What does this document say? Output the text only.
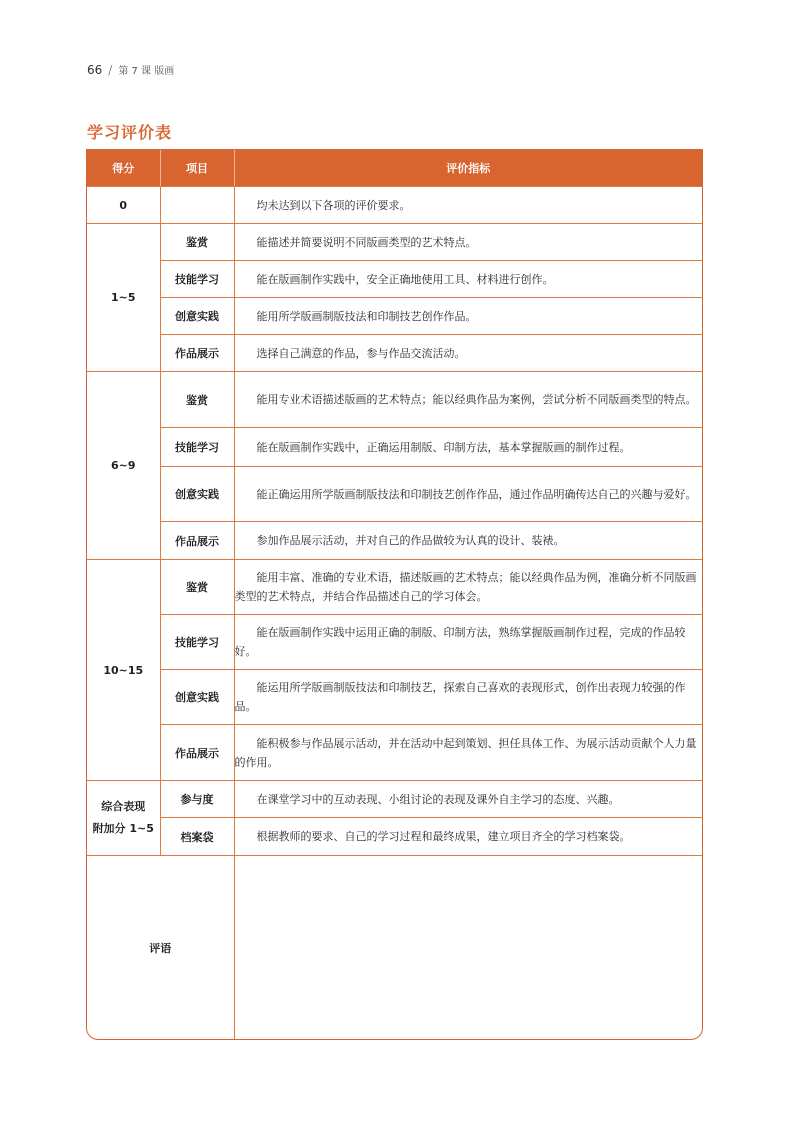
66 / 第 7 课 版画
学习评价表
得分	项目	评价指标
0		均未达到以下各项的评价要求。
1~5	鉴赏	能描述并简要说明不同版画类型的艺术特点。
	技能学习	能在版画制作实践中，安全正确地使用工具、材料进行创作。
	创意实践	能用所学版画制版技法和印制技艺创作作品。
	作品展示	选择自己满意的作品，参与作品交流活动。
6~9	鉴赏	能用专业术语描述版画的艺术特点；能以经典作品为案例，尝试分析不同版画类型的特点。
	技能学习	能在版画制作实践中，正确运用制版、印制方法，基本掌握版画的制作过程。
	创意实践	能正确运用所学版画制版技法和印制技艺创作作品，通过作品明确传达自己的兴趣与爱好。
	作品展示	参加作品展示活动，并对自己的作品做较为认真的设计、装裱。
10~15	鉴赏	能用丰富、准确的专业术语，描述版画的艺术特点；能以经典作品为例，准确分析不同版画类型的艺术特点，并结合作品描述自己的学习体会。
	技能学习	能在版画制作实践中运用正确的制版、印制方法，熟练掌握版画制作过程，完成的作品较好。
	创意实践	能运用所学版画制版技法和印制技艺，探索自己喜欢的表现形式，创作出表现力较强的作品。
	作品展示	能积极参与作品展示活动，并在活动中起到策划、担任具体工作、为展示活动贡献个人力量的作用。

综合表现
附加分 1~5	参与度	在课堂学习中的互动表现、小组讨论的表现及课外自主学习的态度、兴趣。
	档案袋	根据教师的要求、自己的学习过程和最终成果，建立项目齐全的学习档案袋。
评语		
